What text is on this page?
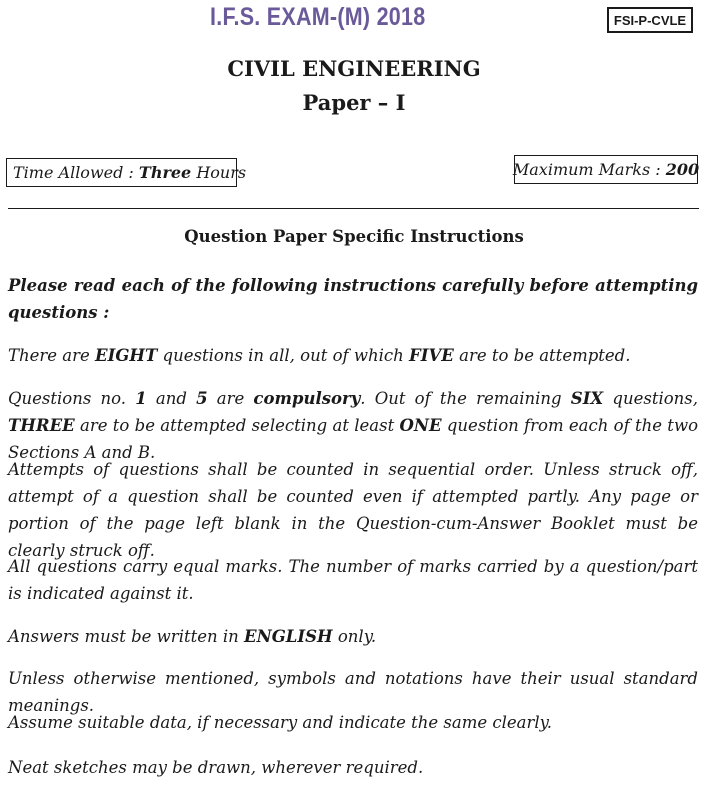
I.F.S. EXAM-(M) 2018	FSI-P-CVLE
CIVIL ENGINEERING
Paper – I
Time Allowed : Three Hours	Maximum Marks : 200
Question Paper Specific Instructions

Please read each of the following instructions carefully before attempting questions :

There are EIGHT questions in all, out of which FIVE are to be attempted.

Questions no. 1 and 5 are compulsory. Out of the remaining SIX questions, THREE are to be attempted selecting at least ONE question from each of the two Sections A and B.

Attempts of questions shall be counted in sequential order. Unless struck off, attempt of a question shall be counted even if attempted partly. Any page or portion of the page left blank in the Question-cum-Answer Booklet must be clearly struck off.

All questions carry equal marks. The number of marks carried by a question/part is indicated against it.

Answers must be written in ENGLISH only.

Unless otherwise mentioned, symbols and notations have their usual standard meanings.

Assume suitable data, if necessary and indicate the same clearly.

Neat sketches may be drawn, wherever required.
